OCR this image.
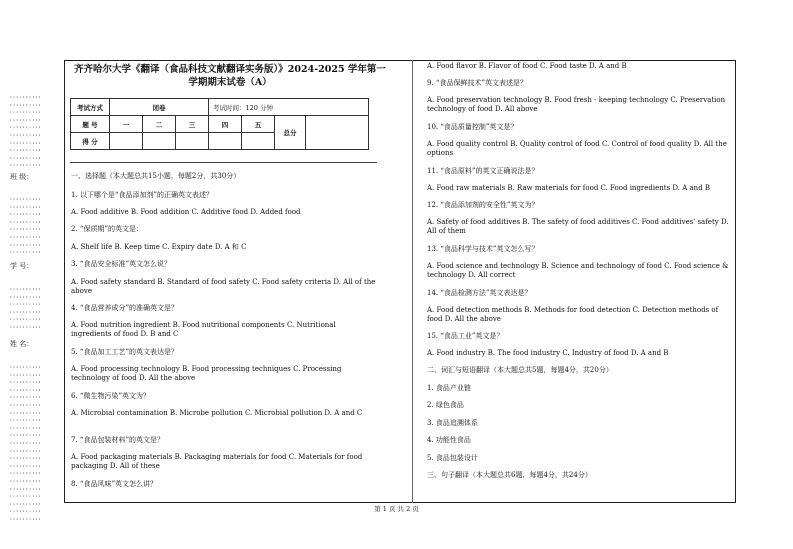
··········
··········
··········
··········
··········
··········
··········
··········
··········
··········
班 级：
··········
··········
··········
··········
··········
··········
··········
··········
学 号：
··········
··········
··········
··········
··········
··········
姓 名：
··········
··········
··········
··········
··········
··········
··········
··········
··········
··········
··········
··········
··········
··········
··········
··········
··········
··········
··········
··········
··········
齐齐哈尔大学《翻译（食品科技文献翻译实务版）》2024-2025 学年第一学期期末试卷（A）
考试方式	闭卷			考试时间：120 分钟			
题 号	一	二	三	四	五	总分	
得 分							
一、选择题（本大题总共15小题，每题2分，共30分）
1. 以下哪个是“食品添加剂”的正确英文表述？
A. Food additive B. Food addition C. Additive food D. Added food
2. “保质期”的英文是：
A. Shelf life B. Keep time C. Expiry date D. A 和 C
3. “食品安全标准”英文怎么说？
A. Food safety standard B. Standard of food safety C. Food safety criteria D. All of the above
4. “食品营养成分”的准确英文是？
A. Food nutrition ingredient B. Food nutritional components C. Nutritional ingredients of food D. B and C
5. “食品加工工艺”的英文表达是？
A. Food processing technology B. Food processing techniques C. Processing technology of food D. All the above
6. “微生物污染”英文为？
A. Microbial contamination B. Microbe pollution C. Microbial pollution D. A and C
7. “食品包装材料”的英文是？
A. Food packaging materials B. Packaging materials for food C. Materials for food packaging D. All of these
8. “食品风味”英文怎么讲？
A. Food flavor B. Flavor of food C. Food taste D. A and B
9. “食品保鲜技术”英文表述是？
A. Food preservation technology B. Food fresh - keeping technology C. Preservation technology of food D. All above
10. “食品质量控制”英文是？
A. Food quality control B. Quality control of food C. Control of food quality D. All the options
11. “食品原料”的英文正确说法是？
A. Food raw materials B. Raw materials for food C. Food ingredients D. A and B
12. “食品添加剂的安全性”英文为？
A. Safety of food additives B. The safety of food additives C. Food additives' safety D. All of them
13. “食品科学与技术”英文怎么写？
A. Food science and technology B. Science and technology of food C. Food science & technology D. All correct
14. “食品检测方法”英文表达是？
A. Food detection methods B. Methods for food detection C. Detection methods of food D. All the above
15. “食品工业”英文是？
A. Food industry B. The food industry C. Industry of food D. A and B
二、词汇与短语翻译（本大题总共5题，每题4分，共20分）
1. 食品产业链
2. 绿色食品
3. 食品追溯体系
4. 功能性食品
5. 食品包装设计
三、句子翻译（本大题总共6题，每题4分，共24分）
第 1 页 共 2 页
